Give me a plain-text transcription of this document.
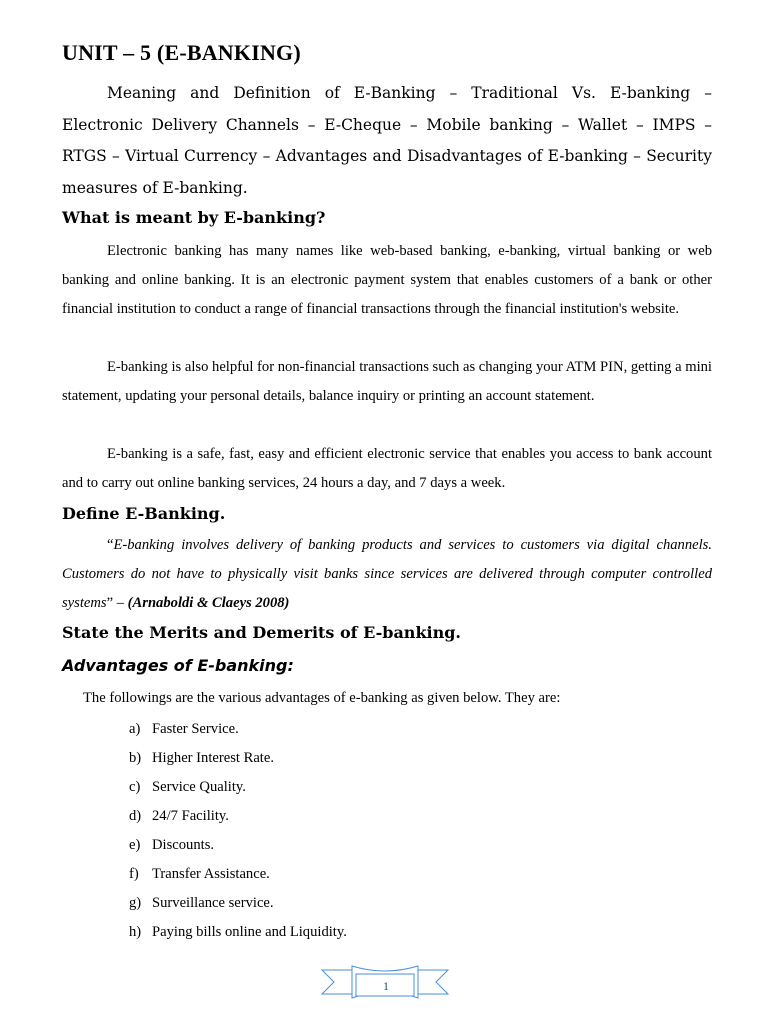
UNIT – 5 (E-BANKING)

Meaning and Definition of E-Banking – Traditional Vs. E-banking – Electronic Delivery Channels – E-Cheque – Mobile banking – Wallet – IMPS – RTGS – Virtual Currency – Advantages and Disadvantages of E-banking – Security measures of E-banking.

What is meant by E-banking?

Electronic banking has many names like web-based banking, e-banking, virtual banking or web banking and online banking. It is an electronic payment system that enables customers of a bank or other financial institution to conduct a range of financial transactions through the financial institution's website.

E-banking is also helpful for non-financial transactions such as changing your ATM PIN, getting a mini statement, updating your personal details, balance inquiry or printing an account statement.

E-banking is a safe, fast, easy and efficient electronic service that enables you access to bank account and to carry out online banking services, 24 hours a day, and 7 days a week.

Define E-Banking.

“E-banking involves delivery of banking products and services to customers via digital channels. Customers do not have to physically visit banks since services are delivered through computer controlled systems” – (Arnaboldi & Claeys 2008)

State the Merits and Demerits of E-banking.
Advantages of E-banking:

The followings are the various advantages of e-banking as given below. They are:

a) Faster Service.
b) Higher Interest Rate.
c) Service Quality.
d) 24/7 Facility.
e) Discounts.
f) Transfer Assistance.
g) Surveillance service.
h) Paying bills online and Liquidity.
1
